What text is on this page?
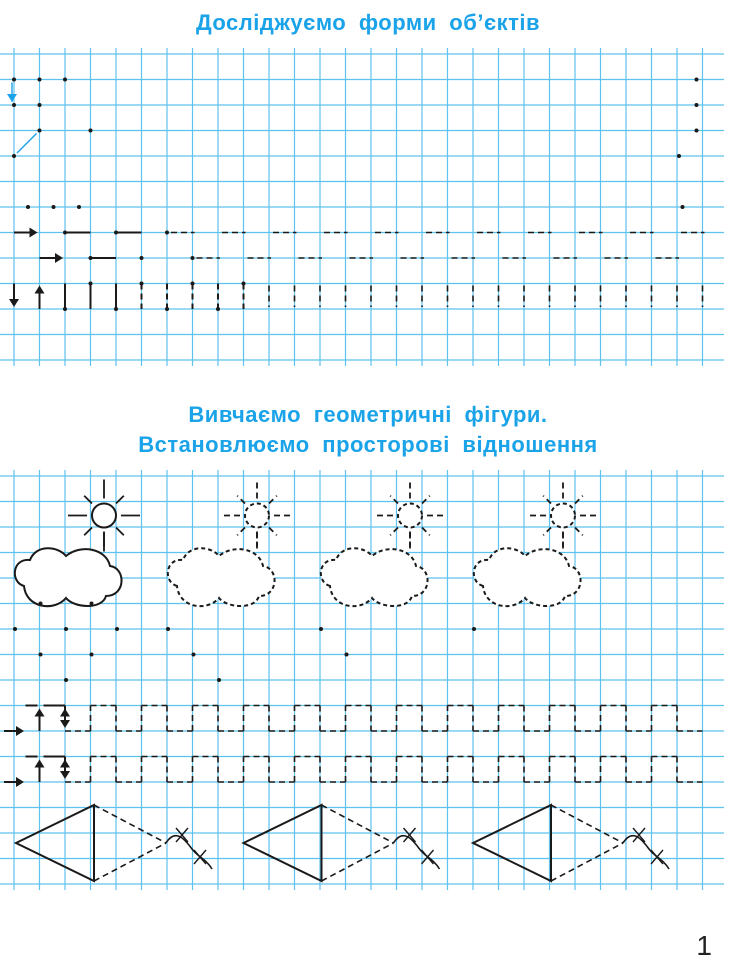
Досліджуємо форми об’єктів
Вивчаємо геометричні фігури.
Встановлюємо просторові відношення
1
